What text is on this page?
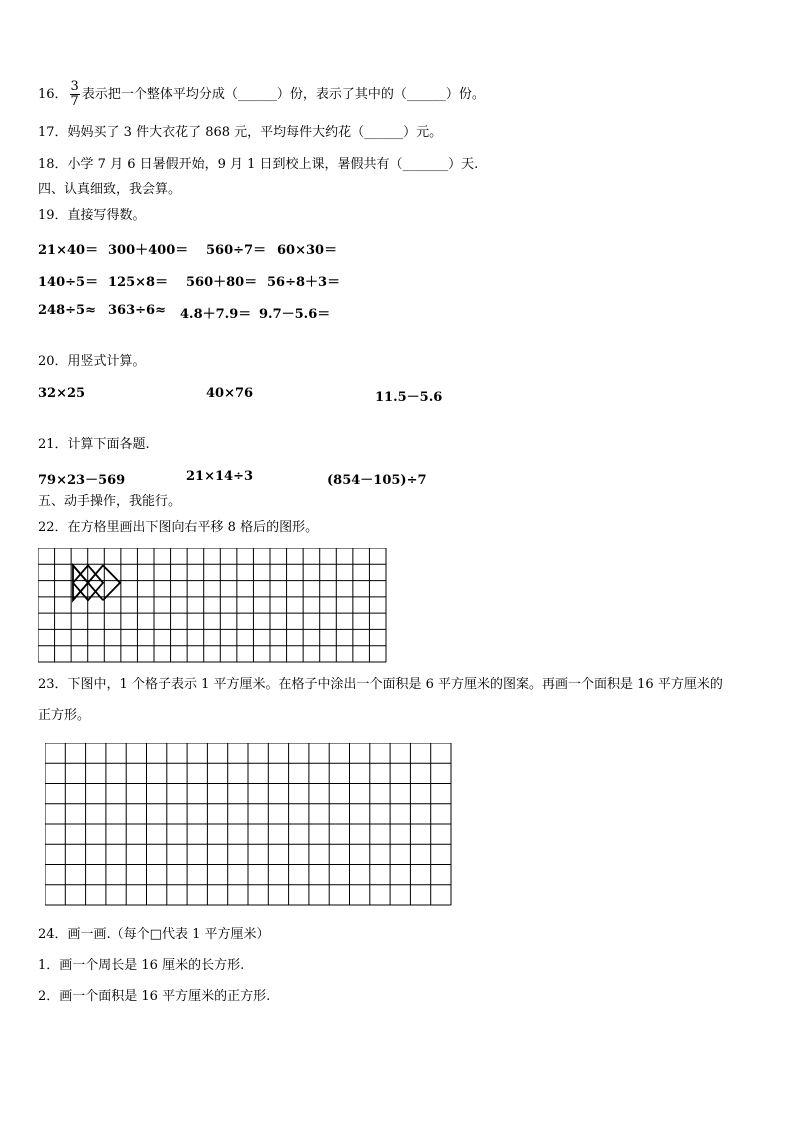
16． $\frac{3}{7}$ 表示把一个整体平均分成（______）份，表示了其中的（______）份。
17．妈妈买了 3 件大衣花了 868 元，平均每件大约花（______）元。
18．小学 7 月 6 日暑假开始，9 月 1 日到校上课，暑假共有（_______）天.
四、认真细致，我会算。
19．直接写得数。
21×40＝ 300＋400＝ 560÷7＝ 60×30＝
140÷5＝ 125×8＝ 560＋80＝ 56÷8＋3＝
248÷5≈ 363÷6≈ 4.8＋7.9＝ 9.7－5.6＝
20．用竖式计算。
32×25	40×76	11.5－5.6
21．计算下面各题.
79×23－569	21×14÷3	(854－105)÷7
五、动手操作，我能行。
22．在方格里画出下图向右平移 8 格后的图形。
23．下图中，1 个格子表示 1 平方厘米。在格子中涂出一个面积是 6 平方厘米的图案。再画一个面积是 16 平方厘米的
正方形。
24．画一画.（每个□代表 1 平方厘米）
1．画一个周长是 16 厘米的长方形.
2．画一个面积是 16 平方厘米的正方形.
